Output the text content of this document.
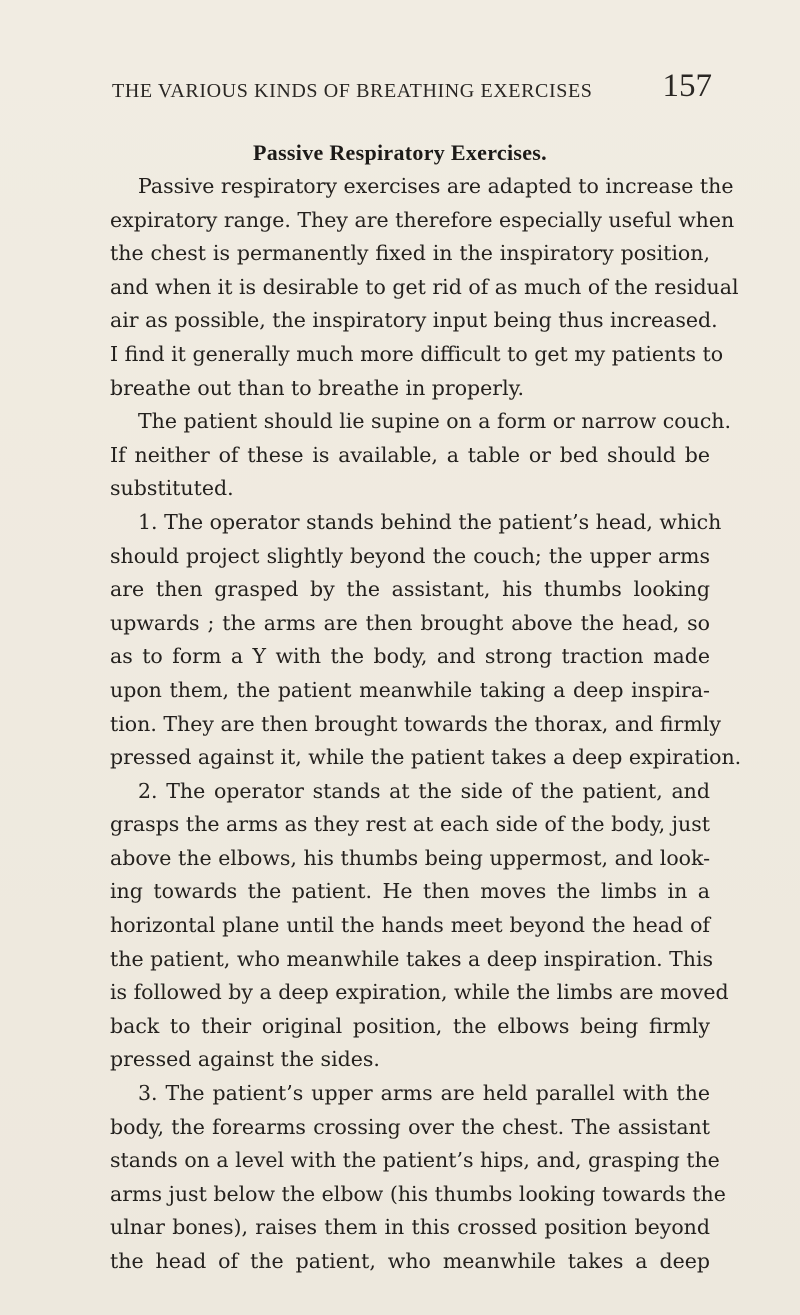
THE VARIOUS KINDS OF BREATHING EXERCISES 157
Passive Respiratory Exercises.
Passive respiratory exercises are adapted to increase the
expiratory range. They are therefore especially useful when
the chest is permanently fixed in the inspiratory position,
and when it is desirable to get rid of as much of the residual
air as possible, the inspiratory input being thus increased.
I find it generally much more difficult to get my patients to
breathe out than to breathe in properly.
The patient should lie supine on a form or narrow couch.
If neither of these is available, a table or bed should be
substituted.
1. The operator stands behind the patient’s head, which
should project slightly beyond the couch; the upper arms
are then grasped by the assistant, his thumbs looking
upwards ; the arms are then brought above the head, so
as to form a Y with the body, and strong traction made
upon them, the patient meanwhile taking a deep inspira-
tion. They are then brought towards the thorax, and firmly
pressed against it, while the patient takes a deep expiration.
2. The operator stands at the side of the patient, and
grasps the arms as they rest at each side of the body, just
above the elbows, his thumbs being uppermost, and look-
ing towards the patient. He then moves the limbs in a
horizontal plane until the hands meet beyond the head of
the patient, who meanwhile takes a deep inspiration. This
is followed by a deep expiration, while the limbs are moved
back to their original position, the elbows being firmly
pressed against the sides.
3. The patient’s upper arms are held parallel with the
body, the forearms crossing over the chest. The assistant
stands on a level with the patient’s hips, and, grasping the
arms just below the elbow (his thumbs looking towards the
ulnar bones), raises them in this crossed position beyond
the head of the patient, who meanwhile takes a deep
